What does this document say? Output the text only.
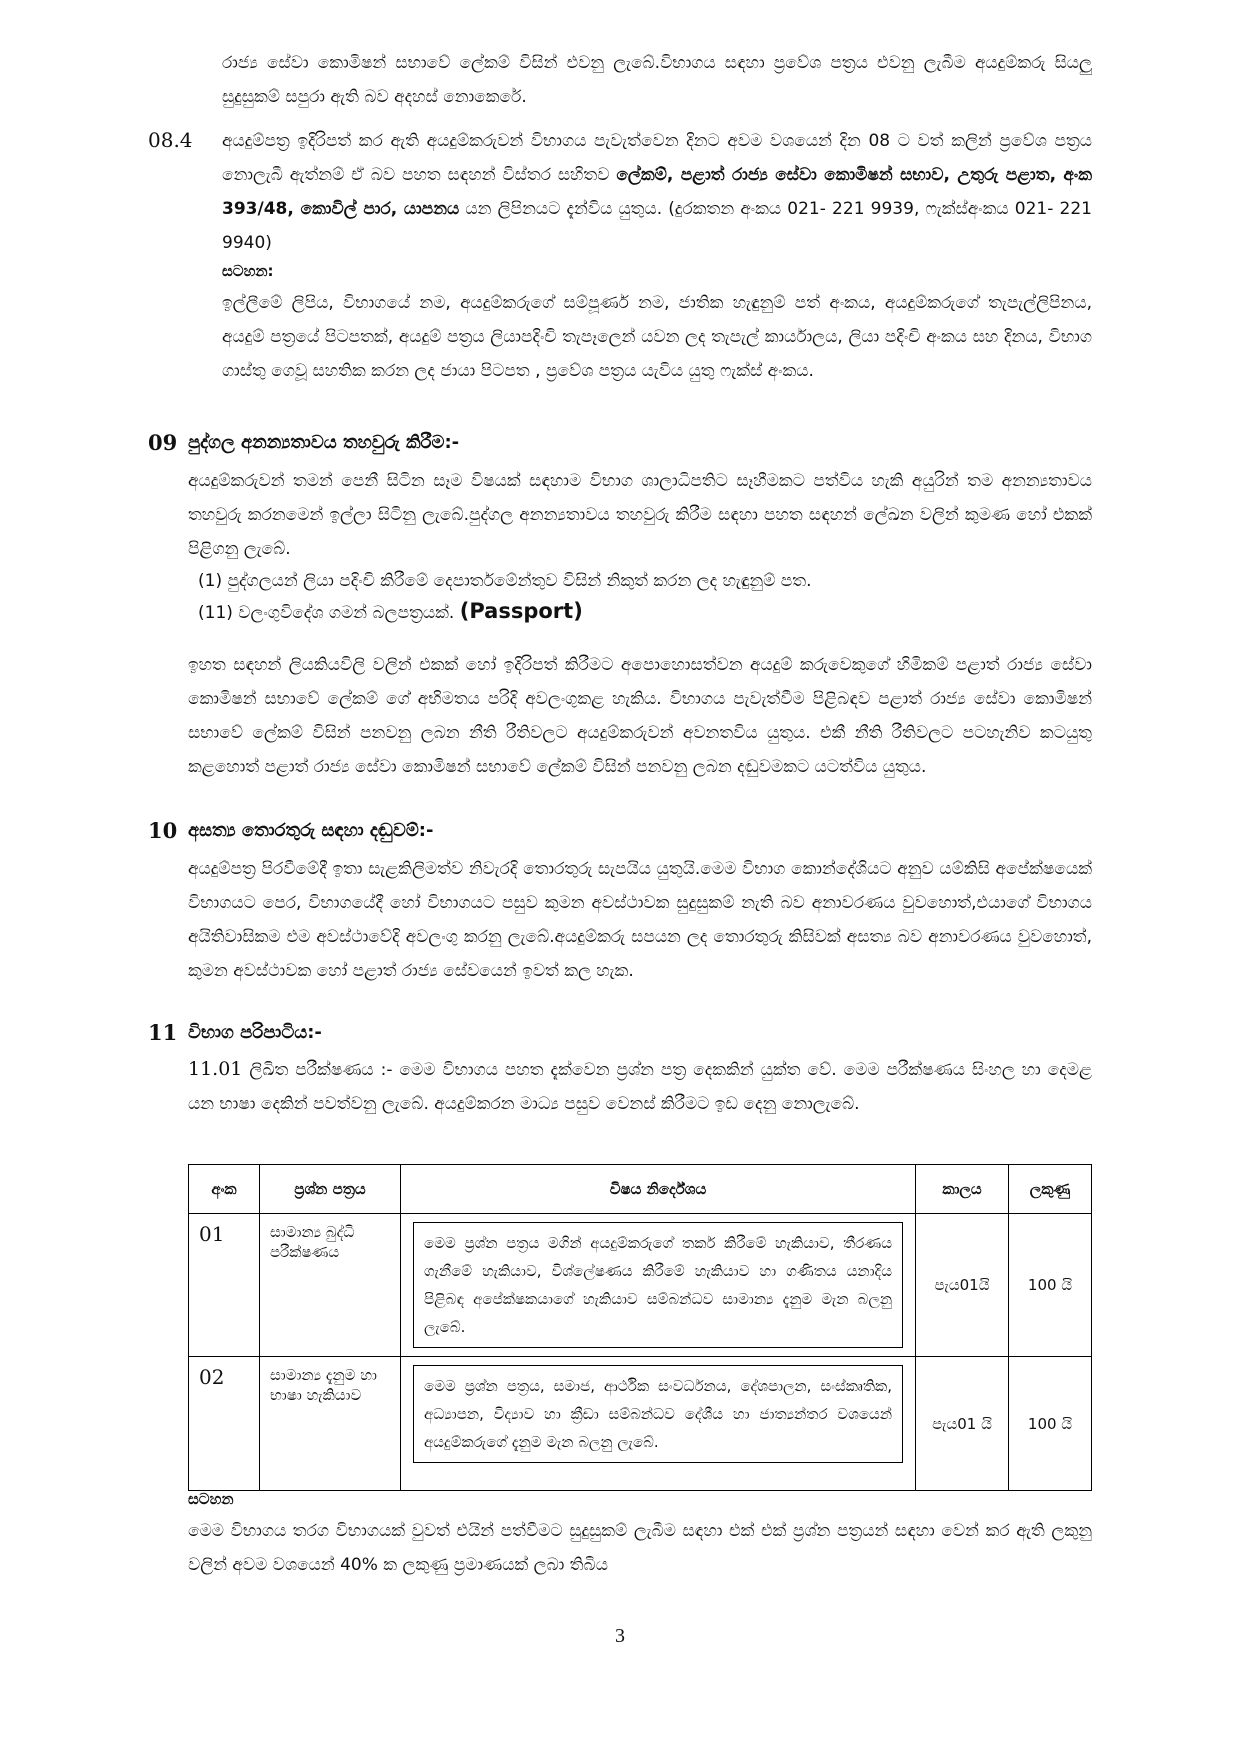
රාජ්‍ය සේවා කොමිෂන් සභාවේ ලේකම් විසින් එවනු ලැබේ.විභාගය සඳහා ප්‍රවේශ පත්‍රය එවනු ලැබීම අයදුම්කරු සියලු සුදුසුකම් සපුරා ඇති බව අදහස් නොකෙරේ.
08.4 අයදුම්පත්‍ර ඉදිරිපත් කර ඇති අයදුම්කරුවන් විභාගය පැවැත්වෙන දිනට අවම වශයෙන් දින 08 ට වත් කලින් ප්‍රවේශ පත්‍රය නොලැබී ඇත්නම් ඒ බව පහත සඳහන් විස්තර සහිතව ලේකම්, පළාත් රාජ්‍ය සේවා කොමිෂන් සභාව, උතුරු පළාත, අංක 393/48, කොවිල් පාර, යාපනය යන ලිපිනයට දැන්විය යුතුය. (දුරකතන අංකය 021- 221 9939, ෆැක්ස්අංකය 021- 221 9940)
සටහන:
ඉල්ලීමේ ලිපිය, විභාගයේ නම, අයදුම්කරුගේ සම්පූර්ණ නම, ජාතික හැඳුනුම් පත් අංකය, අයදුම්කරුගේ තැපැල්ලිපිනය, අයදුම් පත්‍රයේ පිටපතක්, අයදුම් පත්‍රය ලියාපදිංචි තැපෑලෙන් යවන ලද තැපැල් කාර්යාලය, ලියා පදිංචි අංකය සහ දිනය, විභාග ගාස්තු ගෙවූ සහතික කරන ලද ජායා පිටපත , ප්‍රවේශ පත්‍රය යැවිය යුතු ෆැක්ස් අංකය.
09 පුද්ගල අනන්‍යතාවය තහවුරු කිරීම:-
අයදුම්කරුවන් තමන් පෙනී සිටින සෑම විෂයක් සඳහාම විභාග ශාලාධිපතිට සෑහීමකට පත්විය හැකි අයුරින් තම අනන්‍යතාවය තහවුරු කරනමෙන් ඉල්ලා සිටිනු ලැබේ.පුද්ගල අනන්‍යතාවය තහවුරු කිරීම සඳහා පහත සඳහන් ලේඛන වලින් කුමණ හෝ එකක් පිළිගනු ලැබේ.
(1) පුද්ගලයන් ලියා පදිංචි කිරීමේ දෙපාර්තමේන්තුව විසින් නිකුත් කරන ලද හැඳුනුම් පත.
(11) වලංගුවිදේශ ගමන් බලපත්‍රයක්. (Passport)
ඉහත සඳහන් ලියකියවිලි වලින් එකක් හෝ ඉදිරිපත් කිරීමට අපොහොසත්වන අයදුම් කරුවෙකුගේ හිමිකම් පළාත් රාජ්‍ය සේවා කොමිෂන් සභාවේ ලේකම් ගේ අභිමතය පරිදි අවලංගුකළ හැකිය. විභාගය පැවැත්වීම පිළිබඳව පළාත් රාජ්‍ය සේවා කොමිෂන් සභාවේ ලේකම් විසින් පනවනු ලබන නීති රීතිවලට අයදුම්කරුවන් අවනතවිය යුතුය. එකී නීති රීතිවලට පටහැනිව කටයුතු කළහොත් පළාත් රාජ්‍ය සේවා කොමිෂන් සභාවේ ලේකම් විසින් පනවනු ලබන දඬුවමකට යටත්විය යුතුය.
10 අසත්‍ය තොරතුරු සඳහා දඬුවම්:-
අයදුම්පත්‍ර පිරවීමේදී ඉතා සැළකිලිමත්ව නිවැරදි තොරතුරු සැපයිය යුතුයි.මෙම විභාග කොන්දේශියට අනුව යම්කිසි අපේක්ෂයෙක් විභාගයට පෙර, විභාගයේදී හෝ විභාගයට පසුව කුමන අවස්ථාවක සුදුසුකම් නැති බව අනාවරණය වුවහොත්,එයාගේ විභාගය අයිතිවාසිකම එම අවස්ථාවේදි අවලංගු කරනු ලැබේ.අයදුම්කරු සපයන ලද තොරතුරු කිසිවක් අසත්‍ය බව අනාවරණය වුවහොත්, කුමන අවස්ථාවක හෝ පළාත් රාජ්‍ය සේවයෙන් ඉවත් කල හැක.
11 විභාග පරිපාටිය:-
11.01 ලිඛිත පරීක්ෂණය :- මෙම විභාගය පහත දැක්වෙන ප්‍රශ්න පත්‍ර දෙකකින් යුක්ත වේ. මෙම පරීක්ෂණය සිංහල හා දෙමළ යන භාෂා දෙකින් පවත්වනු ලැබේ. අයදුම්කරන මාධ්‍ය පසුව වෙනස් කිරීමට ඉඩ දෙනු නොලැබේ.
අංක	ප්‍රශ්න පත්‍රය	විෂය නිර්දේශය	කාලය	ලකුණු
01	සාමාන්‍ය බුද්ධි පරීක්ෂණය	මෙම ප්‍රශ්න පත්‍රය මගින් අයදුම්කරුගේ තර්ක කිරීමේ හැකියාව, තීරණය ගැනීමේ හැකියාව, විශ්ලේෂණය කිරීමේ හැකියාව හා ගණිතය යනාදිය පිළිබඳ අපේක්ෂකයාගේ හැකියාව සම්බන්ධව සාමාන්‍ය දැනුම මැන බලනු ලැබේ.	පැය01යි	100 යි
02	සාමාන්‍ය දැනුම හා භාෂා හැකියාව	මෙම ප්‍රශ්න පත්‍රය, සමාජ, ආර්ථික සංවර්ධනය, දේශපාලන, සංස්කෘතික, අධ්‍යාපන, විද්‍යාව හා ක්‍රීඩා සම්බන්ධව දේශීය හා ජාත්‍යන්තර වශයෙන් අයදුම්කරුගේ දැනුම මැන බලනු ලැබේ.	පැය01 යි	100 යි
සටහන
මෙම විභාගය තරග විභාගයක් වුවත් එයින් පත්වීමට සුදුසුකම් ලැබීම සඳහා එක් එක් ප්‍රශ්න පත්‍රයන් සඳහා වෙන් කර ඇති ලකුනු වලින් අවම වශයෙන් 40% ක ලකුණු ප්‍රමාණයක් ලබා තිබිය
3
